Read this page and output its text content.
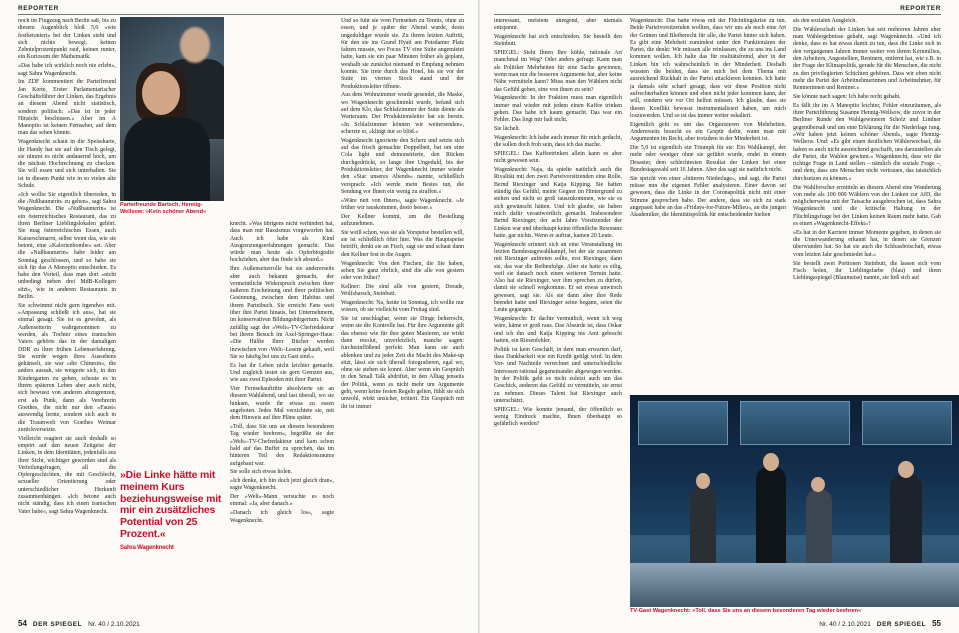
REPORTER

noch im Flugzeug nach Berlin saß, bis zu diesem Augenblick bloß 5,0 »wie festbetoniert« bei der Linken steht und sich nichts bewegt, keinen Zehntelprozentpunkt rauf, keinen runter, ein Kuriosum der Mathematik.

»Das habe ich wirklich noch nie erlebt«, sagt Sahra Wagenknecht.

Im ZDF kommentiert ihr Parteifreund Jan Korte, Erster Parlamentarischer Geschäftsführer der Linken, das Ergebnis an diesem Abend nicht statistisch, sondern politisch: »Das ist in jeder Hinsicht beschissen.« Aber im A Manoptio ist keinen Fernseher, auf dem man das sehen könnte.

Wagenknecht schaut in die Speisekarte, ihr Handy hat sie auf den Tisch gelegt, sie nimmt es nicht andauernd hoch, um die nächste Hochrechnung zu checken. Sie will essen und sich unterhalten. Sie ist in diesem Punkt wie in so vielen alte Schule.

»Ich wollte Sie eigentlich überreden, in die ›Nußbaumerin‹ zu gehen«, sagt Sahra Wagenknecht. Die »Nußbaumerin« ist ein österreichisches Restaurant, das zu ihren Berliner Lieblingslokalen gehört. Sie mag österreichisches Essen, auch Kaiserschmarrn, selbst wenn das, wie sie betont, eine »Kalorienbombe« sei. Aber die »Nußbaumerin« habe leider am Sonntag geschlossen, und so habe sie sich für das A Manoptio entschieden. Es habe den Vorteil, dass man dort »nicht unbedingt neben drei MdB-Kollegen sitzt«, wie in anderen Restaurants in Berlin.

Sie schwimmt nicht gern irgendwo mit. »Anpassung schließt ich aus«, hat sie einmal gesagt. Sie ist es gewohnt, als Außenseiterin wahrgenommen zu werden, als Tochter eines iranischen Vaters gehörte das in der damaligen DDR zu ihrer frühen Lebenserfahrung. Sie wurde wegen ihres Aussehens gehänselt, sie war »die Chinesin«, die anders aussah, sie weigerte sich, in den Kindergarten zu gehen, scheute es in ihrem späteren Leben aber auch nicht, sich bewusst von anderen abzugrenzen, erst als Punk, dann als Verehrerin Goethes, die nicht nur den »Faust« auswendig lernte, sondern sich auch in die Traumwelt von Goethes Weimar zurückversetzte.

Vielleicht reagiert sie auch deshalb so empört auf den neuen Zeitgeist der Linken, in dem Identitäten, jedenfalls aus ihrer Sicht, wichtiger geworden sind als Verteilungsfragen, all die Opfergeschichten, die mit Geschlecht, sexueller Orientierung oder unterschiedlicher Herkunft zusammenhängen. »Ich betone auch nicht ständig, dass ich einen iranischen Vater habe«, sagt Sahra Wagenknecht.

Parteifreunde Bartsch, Hennig-Wellsow: »Kein schöner Abend«

knecht. »Was übrigens nicht verhindert hat, dass man mir Rassismus vorgeworfen hat. Auch ich habe als Kind Ausgrenzungserfahrungen gemacht. Das würde man heute als Opferbiografie hochziehen, aber das finde ich absurd.«

Ihre Außenseiterrolle hat sie andererseits aber auch bekannt gemacht, der vermeintliche Widerspruch zwischen ihrer äußeren Erscheinung und ihrer politischen Gesinnung, zwischen dem Habitus und ihrem Parteibuch. Sie erreicht Fans weit über ihre Partei hinaus, bei Unternehmern, im konservativen Bildungsbürgertum. Nicht zufällig sagt der »Welt«-TV-Chefredakteur bei ihrem Besuch im Axel-Springer-Haus: »Die Hälfte Ihrer Bücher werden inzwischen von ›Welt‹-Lesern gekauft, weil Sie so häufig bei uns zu Gast sind.«

Es hat ihr Leben nicht leichter gemacht. Und zugleich testet sie gern Grenzen aus, wie aus zwei Episoden mit ihrer Partei.

Vier Fernsehauftritte absolvierte sie an diesem Wahlabend, und fast überall, wo sie hinkam, wurde ihr etwas zu essen angeboten. Jedes Mal verzichtete sie, mit dem Hinweis auf ihre Pläne später.

»Toll, dass Sie uns an diesem besonderen Tag wieder beehren«, begrüßte sie der »Welt«-TV-Chefredakteur und kam schon bald auf das Buffet zu sprechen, das im hinteren Teil des Redaktionsraums aufgebaut war.

Sie solle sich etwas holen.

»Ich denke, ich bin doch jetzt gleich dran«, sagte Wagenknecht.

Der »Welt«-Mann versuchte es noch einmal: »Ja, aber danach.«

»Danach ich gleich los«, sagte Wagenknecht.

»Die Linke hätte mit meinem Kurs beziehungsweise mit mir ein zusätzliches Potential von 25 Prozent.«
Sahra Wagenknecht

Und so fuhr sie vom Fernsehen zu Tennis, ohne zu essen, und je später der Abend wurde, desto ungeduldiger wurde sie. Zu ihrem letzten Auftritt, für den sie ins Grand Hyatt am Potsdamer Platz fahren musste, wo Focus TV eine Suite angemietet hatte, kam sie ein paar Minuten früher als geplant, weshalb sie zunächst niemand in Empfang nehmen konnte. Sie trete durch das Hotel, bis sie vor der Suite im vierten Stock stand und der Produktionsleiter öffnete.

Aus dem Wohnzimmer wurde gesendet, die Maske, wo Wagenknecht geschminkt wurde, befand sich auf dem Klo, das Schlafzimmer der Suite diente als Warteraum. Der Produktionsleiter bat sie herein. »In Schlafzimmer können wir weitersenden«, scherzte er, »klingt nur so blöd.«

Wagenknecht ignorierte den Scherz und setzte sich auf das frisch gemachte Doppelbett, bat um eine Cola light und demonstrierte, den Rücken durchgedrückt, so lange ihre Ungeduld, bis der Produktionsleiter, der Wagenknecht immer wieder den »Star unseres Abends« nannte, schließlich versprach: »Ich werde mein Bestes tun, die Sendung vor Ihnen ein wenig zu straffen.«

»Wäre nett von Ihnen«, sagte Wagenknecht. »Je früher wir rauskommen, desto besser.«

Der Kellner kommt, um die Bestellung aufzunehmen.

Sie weiß schon, was sie als Vorspeise bestellen will, sie ist schließlich öfter hier. Was die Hauptspeise betrifft, denkt sie an Fisch, sagt sie und schaut dann den Kellner fest in die Augen.

Wagenknecht: Von den Fischen, die Sie haben, sehen Sie ganz ehrlich, sind die alle von gestern oder von früher?

Kellner: Die sind alle von gestern, Dorade, Wolfsbarsch, Steinbutt.

Wagenknecht: Na, heute ist Sonntag, ich wollte nur wissen, ob sie vielleicht vom Freitag sind.

Sie ist unschlagbar, wenn sie Dinge beherrscht, wenn sie die Kontrolle hat. Für ihre Argumente gilt das ebenso wie für ihre guten Manieren, sie wirkt dann resolut, unverletzlich, manche sagen: furchteinflößend perfekt. Man kann sie auch ablenken und zu jeder Zeit die Macht des Make-up sitzt, lässt sie sich überall fotografieren, egal wo, ohne sie stehen sie konnt. Aber wenn ein Gespräch in den Small Talk abdriftet, in den Alltag jenseits der Politik, wenn es nicht mehr um Argumente geht, wenn keine festen Regeln gelten, fühlt sie sich unwohl, wirkt unsicher, irritiert. Ein Gespräch mit ihr ist immer

54 DER SPIEGEL Nr. 40 / 2.10.2021
REPORTER

interessant, meistens anregend, aber niemals entspannt.

Wagenknecht hat sich entschieden. Sie bestellt den Steinbutt.

SPIEGEL: Steht Ihnen Ihre kühle, rationale Art manchmal im Weg? Oder anders gefragt: Kann man als Politiker Mehrheiten für eine Sache gewinnen, wenn man nur die besseren Argumente hat, aber keine Nähe vermitteln kann? Muss man den Wählern nicht das Gefühl geben, eine von ihnen zu sein?

Wagenknecht: In der Fraktion muss man eigentlich immer mal wieder mit jedem einen Kaffee trinken gehen. Das habe ich kaum gemacht. Das war ein Fehler. Das liegt mir halt nicht.

Sie lächelt.

Wagenknecht: Ich habe auch immer für mich gedacht, die sollen doch froh sein, dass ich das mache.

SPIEGEL: Das Kaffeetrinken allein kann es aber nicht gewesen sein.

Wagenknecht: Naja, da spielte natürlich auch die Rivalität mit den zwei Parteivorsitzenden eine Rolle, Bernd Riexinger und Katja Kipping. Sie hatten ständig das Gefühl, meine Gegner im Hintergrund zu stehen und nicht so groß rauszukommen, wie sie es sich gewünscht hätten. Und ich glaube, sie haben mich dafür verantwortlich gemacht. Insbesondere Bernd Riexinger, der acht Jahre Vorsitzender der Linken war und überhaupt keine öffentliche Resonanz hatte, gar nichts. Wenn er auftrat, kamen 20 Leute.

Wagenknecht erinnert sich an eine Veranstaltung im letzten Bundestagswahlkampf, bei der sie zusammen mit Riexinger auftreten sollte, erst Riexinger, dann sie, das war die Reihenfolge. Aber sie hatte es eilig, weil sie danach noch einen weiteren Termin hatte. Also hat sie Riexinger, wer ihm sprechen zu dürfen, damit sie schnell wegkomme. Er sei etwas unwirsch gewesen, sagt sie. Als sie dann aber ihre Rede beendet hatte und Riexinger seine begann, seien die Leute gegangen.

Wagenknecht: Er dachte vermutlich, wenn ich weg wäre, käme er groß raus. Das Absurde ist, dass Oskar und ich ihn und Katja Kipping ins Amt gebracht hatten, ein Riesenfehler.

Politik ist kein Geschäft, in dem man erwarten darf, dass Dankbarkeit wie ein Kredit getilgt wird. In dem Vor- und Nachteile verrechnet und unterschiedliche Interessen rational gegeneinander abgewogen werden. In der Politik geht es nicht zuletzt auch um das Geschick, anderen das Gefühl zu vermitteln, sie ernst zu nehmen. Dieses Talent hat Riexinger auch unterschätzt.

SPIEGEL: Wie konnte jemand, der öffentlich so wenig Eindruck machte, Ihnen überhaupt so gefährlich werden?

Wagenknecht: Das hatte etwas mit der Flüchtlingskrise zu tun. Beide Parteivorsitzenden wollten, dass wir uns als noch eine Art der Grünen und Bleiberecht für alle, die Partei hinter sich haben. Es gibt eine Mehrheit zumindest unter den Funktionären der Partei, die denkt: Wir müssen alle reinlassen, die zu uns ins Land kommen wollen. Ich halte das für realitätsfremd, aber in der Linken bin ich wahrscheinlich in der Minderheit. Deshalb wussten die beiden, dass sie mich bei dem Thema mit ausreichend Rückhalt in der Partei attackieren konnten. Ich hatte ja damals sehr scharf gesagt, dass wir diese Position nicht aufrechterhalten können und eben nicht jeder kommen kann, der will, sondern wir vor Ort helfen müssen. Ich glaube, dass sie diesen Konflikt bewusst instrumentalisiert haben, um mich loszuwerden. Und so ist das immer weiter eskaliert.

Eigentlich geht es um das Organisieren von Mehrheiten. Andererseits braucht es ein Gespür dafür, wann man mit Argumenten im Recht, aber trotzdem in der Minderheit ist.

Die 5,0 ist eigentlich ein Triumph für sie: Ein Wahlkampf, der mehr oder weniger ohne sie geführt wurde, endet in einem Desaster, dem schlechtesten Resultat der Linken bei einer Bundestagswahl seit 16 Jahren. Aber das sagt sie natürlich nicht.

Sie spricht von einer »bitteren Niederlage«, und sagt, die Partei müsse nun die eigenen Fehler analysieren. Einer davon sei gewesen, dass die Linke in der Coronapolitik nicht mit einer Stimme gesprochen habe. Der andere, dass sie sich zu stark angepasst habe an das »Fridays-for-Future-Milieu«, an die jungen Akademiker, die Identitätspolitik für entscheidender hielten

als den sozialen Ausgleich.

Die Wählerschaft der Linken hat seit mehreren Jahren eher man Wahlergebnisse gehabt, sagt Wagenknecht. »Und ich denke, dass es hat etwas damit zu tun, dass die Linke sich in den vergangenen Jahren immer weiter von ihrem Kernmilieu, den Arbeitern, Angestellten, Rentnern, entfernt hat, wie z.B. in der Frage der Klimapolitik, gerade für die Menschen, die nicht zu den privilegierten Schichten gehören. Dass wir eben nicht mehr die Partei der Arbeitnehmerinnen und Arbeitnehmer, für Rentnerinnen und Rentner.«

Sie könnte nach sagen: Ich habe recht gehabt.

Es fällt ihr im A Manoptio leichter, Fehler einzuräumen, als ihrer Parteiführung Susanne Hennig-Wellsow, die zuvor in der Berliner Runde den Wahlgewinnern Scholz und Lindner gegenübersaß und um eine Erklärung für die Niederlage rang. »Wir haben jetzt keinen schöner Abend«, sagte Hennig-Wellsow. Und: »Es gibt einen deutlichen Wählerwechsel, die haben es auch nicht ausreichend geschafft, uns darzustellen als die Partei, die Wahlen gewinnt.« Wagenknecht, dass wir die richtige Frage in Land stellen – nämlich die soziale Frage –, und dem, dass uns Menschen nicht vertrauen, das tatsächlich durchsetzen zu können.«

Die Wahlforscher ermitteln an diesem Abend eine Wanderung von mehr als 100 000 Wählern von der Linken zur AfD, die möglicherweise mit der Tatsache ausgebrochen ist, dass Sahra Wagenknecht und die kritische Haltung in der Flüchtlingsfrage bei der Linken keinen Raum mehr hatte. Gab es einen »Wagenknecht-Effekt«?

»Es hat in der Karriere immer Momente gegeben, in denen sie die Unterwanderung erkannt hat, in denen sie Grenzen überwunden hat. So hat sie auch die Schlussbotschaft, etwas vom letzten Jahr geschmiedet hat.«

Sie bestellt zwei Portionen Steinbutt, die lassen sich vom Fisch holen, ihr Lieblingsfarbe (blau) und ihren Lieblingsspiegel (Blaumeise) nannte, sie ließ sich auf

TV-Gast Wagenknecht: »Toll, dass Sie uns an diesem besonderen Tag wieder beehren«
Nr. 40 / 2.10.2021 DER SPIEGEL 55
